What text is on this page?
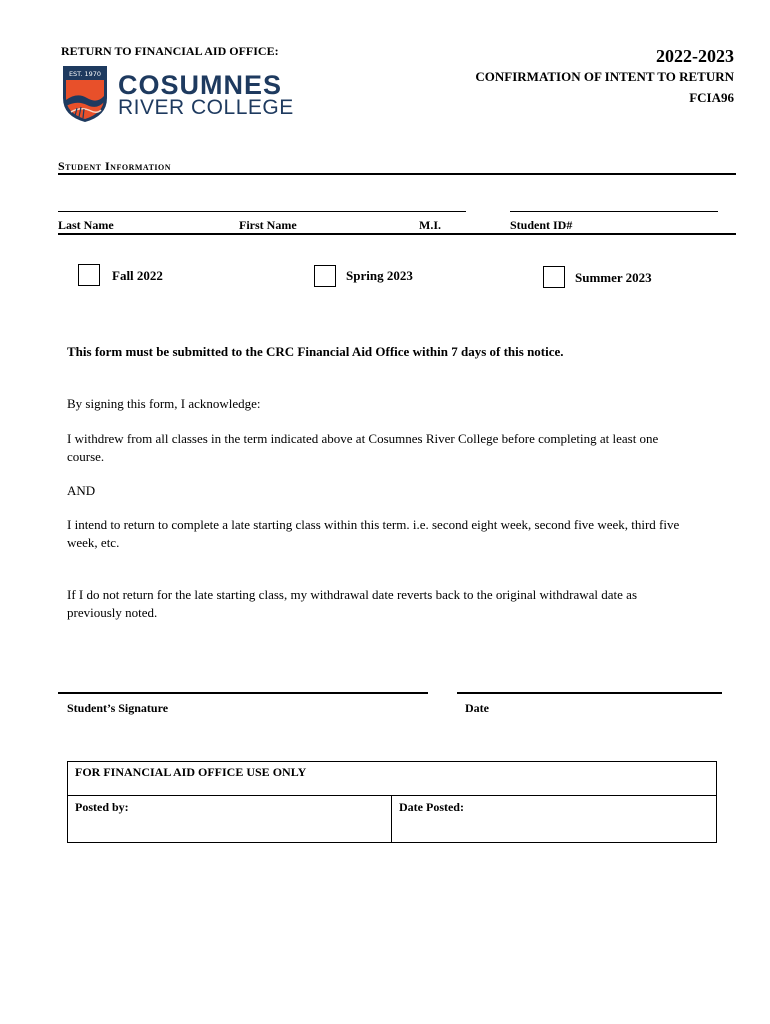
RETURN TO FINANCIAL AID OFFICE:	2022-2023
CONFIRMATION OF INTENT TO RETURN
FCIA96
EST. 1970 COSUMNES
RIVER COLLEGE
Student Information
Last Name	First Name	M.I.	Student ID#
Fall 2022	Spring 2023	Summer 2023
This form must be submitted to the CRC Financial Aid Office within 7 days of this notice.
By signing this form, I acknowledge:
I withdrew from all classes in the term indicated above at Cosumnes River College before completing at least one course.
AND
I intend to return to complete a late starting class within this term. i.e. second eight week, second five week, third five week, etc.
If I do not return for the late starting class, my withdrawal date reverts back to the original withdrawal date as previously noted.
Student’s Signature	Date
FOR FINANCIAL AID OFFICE USE ONLY
Posted by:	Date Posted:
